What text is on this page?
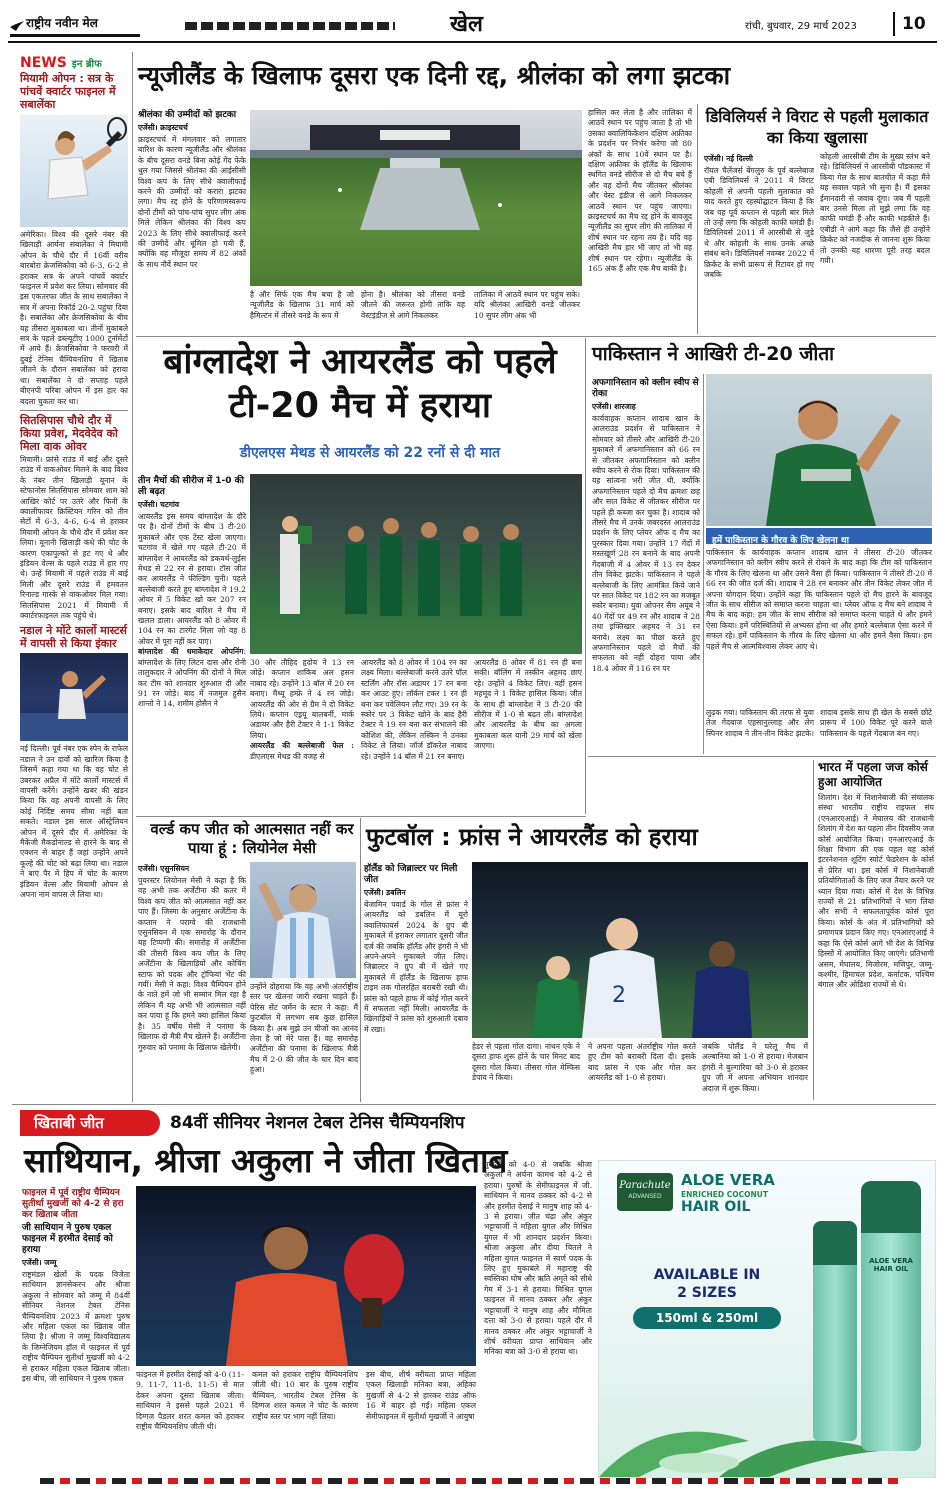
राष्ट्रीय नवीन मेल	खेल	रांची, बुधवार, 29 मार्च 2023	10
NEWS इन ब्रीफ

मियामी ओपन : सत्र के पांचवें क्वार्टर फाइनल में सबालेंका

अमेरिका। विश्व की दूसरे नंबर की खिलाड़ी आर्यना सबालेंका ने मियामी ओपन के चौथे दौर में 16वीं वरीय बारबोरा क्रेजसिकोवा को 6-3, 6-2 से हराकर सत्र के अपने पांचवें क्वार्टर फाइनल में प्रवेश कर लिया। सोमवार की इस एकतरफा जीत के साथ सबालेंका ने सत्र में अपना रिकॉर्ड 20-2 पहुंचा दिया है। सबालेंका और क्रेजसिकोवा के बीच यह तीसरा मुकाबला था। तीनों मुकाबले सत्र के पहले डब्ल्यूटीए 1000 टूर्नामेंटों में आये हैं। क्रेजसिकोवा ने फरवरी में दुबई टेनिस चैम्पियनशिप में खिताब जीतने के दौरान सबालेंका को हराया था। सबालेंका ने दो सप्ताह पहले बीएनपी परिबा ओपन में इस हार का बदला चुकता कर था।

सितसिपास चौथे दौर में किया प्रवेश, मेदवेदेव को मिला वाक ओवर

मियामी। फ्रांसे राउंड में बाई और दूसरे राउंड में वाकओवर मिलने के बाद विश्व के नंबर तीन खिलाड़ी यूनान के स्टेफानोस सितसिपास सोमवार शाम को आखिर कोर्ट पर उतरे और फिनी के क्वालीफायर क्रिस्टियन गरिन को तीन सेटों में 6-3, 4-6, 6-4 से हराकर मियामी ओपन के चौथे दौर में प्रवेश कर लिया। यूनानी खिलाड़ी कंधे की चोट के कारण एकापुल्को से हट गए थे और इंडियन वेल्स के पहले राउंड में हार गए थे। उन्हें मियामी में पहले राउंड में बाई मिली और दूसरे राउंड में हमवतन रिनाल्ड गास्के से वाकओवर मिल गया। सितसिपास 2021 में मियामी में क्वार्टरफाइनल तक पहुंचे थे।

नडाल ने मोंटे कार्लो मास्टर्स में वापसी से किया इंकार

नई दिल्ली। पूर्व नंबर एक स्पेन के राफेल नडाल ने उन दावों को खारिज किया है जिसमें कहा गया था कि वह चोट से उबरकर अप्रैल में मोंटे कार्लो मास्टर्स में वापसी करेंगे। उन्होंने खबर की खंडन किया कि वह अपनी वापसी के लिए कोई निर्दिष्ट समय सीमा नहीं बता सकते। नडाल इस साल ऑस्ट्रेलियन ओपन में दूसरे दौर में अमेरिका के मैकेंजी मैकडोनाल्ड से हारने के बाद से एक्शन से बाहर हैं जहां उन्होंने अपने कूल्हे की चोट को बढ़ा लिया था। नडाल ने बाएं पैर में हिप में चोट के कारण इंडियन वेल्स और मियामी ओपन से अपना नाम वापस ले लिया था।

न्यूजीलैंड के खिलाफ दूसरा एक दिनी रद्द, श्रीलंका को लगा झटका

श्रीलंका की उम्मीदों को झटका

एजेंसी। क्राइस्टचर्च

क्राइस्टचर्च में मंगलवार को लगातार बारिश के कारण न्यूजीलैंड और श्रीलंका के बीच दूसरा वनडे बिना कोई गेंद फेंके धुल गया जिससे श्रीलंका की आईसीसी विश्व कप के लिए सीधे क्वालीफाई करने की उम्मीदों को करारा झटका लगा। मैच रद्द होने के परिणामस्वरूप दोनों टीमों को पांच-पांच सुपर लीग अंक मिले लेकिन श्रीलंका की विश्व कप 2023 के लिए सीधे क्वालीफाई करने की उम्मीदें और धूमिल हो गयी हैं, क्योंकि वह मौजूदा समय में 82 अंकों के साथ नौवें स्थान पर

है और सिर्फ एक मैच बचा है जो न्यूजीलैंड के खिलाफ 31 मार्च को हैमिल्टन में तीसरे वनडे के रूप में

होना है। श्रीलंका को तीसरा वनडे जीतने की जरूरत होगी ताकि वह वेस्टइंडीज से आगे निकलकर

तालिका में आठवें स्थान पर पहुंच सके। यदि श्रीलंका आखिरी वनडे जीतकर 10 सुपर लीग अंक भी

हासिल कर लेता है और तालिका में आठवें स्थान पर पहुंच जाता है तो भी उसका क्वालिफिकेशन दक्षिण अफ्रीका के प्रदर्शन पर निर्भर करेगा जो 80 अंकों के साथ 10वें स्थान पर है। दक्षिण अफ्रीका के हॉलैंड के खिलाफ स्थगित वनडे सीरीज से दो मैच बचे हैं और वह दोनों मैच जीतकर श्रीलंका और वेस्ट इंडीज से आगे निकलकर आठवें स्थान पर पहुंच जाएगा। क्राइस्टचर्च का मैच रद्द होने के बावजूद न्यूजीलैंड का सुपर लीग की तालिका में शीर्ष स्थान पर रहना तय है। यदि वह आखिरी मैच हार भी जाए तो भी वह शीर्ष स्थान पर रहेगा। न्यूजीलैंड के 165 अंक हैं और एक मैच बाकी है।

डिविलियर्स ने विराट से पहली मुलाकात का किया खुलासा

एजेंसी। नई दिल्ली

रॉयल चैलेंजर्स बेंगलुरु के पूर्व बल्लेबाज एबी डिविलियर्स ने 2011 में विराट कोहली से अपनी पहली मुलाकात को याद करते हुए रहस्योद्घाटन किया है कि जब वह पूर्व कप्तान से पहली बार मिले तो उन्हें लगा कि कोहली काफी घमंडी हैं। डिविलियर्स 2011 में आरसीबी से जुड़े थे और कोहली के साथ उनके अच्छे संबंध बने। डिविलियर्स नवम्बर 2022 में क्रिकेट के सभी प्रारूप से रिटायर हो गए जबकि

कोहली आरसीबी टीम के मुख्य स्तंभ बने रहे। डिविलियर्स ने आरसीबी पॉडकास्ट में किया गेल के साथ बातचीत में कहा मैंने यह सवाल पहले भी सुना है। मैं इसका ईमानदारी से जवाब दूंगा। जब मैं पहली बार उनसे मिला तो मुझे लगा कि वह काफी घमंडी हैं और काफी भड़कीले हैं। एबीडी ने आगे कहा कि जैसे ही उन्होंने क्रिकेट को नजदीक से जानना शुरू किया तो उनकी यह धारणा पूरी तरह बदल गयी।

बांग्लादेश ने आयरलैंड को पहले टी-20 मैच में हराया
डीएलएस मेथड से आयरलैंड को 22 रनों से दी मात

तीन मैचों की सीरीज में 1-0 की ली बढ़त

एजेंसी। चटगांव

आयरलैंड इस समय बांग्लादेश के दौरे पर है। दोनों टीमों के बीच 3 टी-20 मुकाबले और एक टेस्ट खेला जाएगा। चटगांव में खेले गए पहले टी-20 में बांग्लादेश ने आयरलैंड को डकवर्थ-लुईस मेथड से 22 रन से हराया। टॉस जीत कर आयरलैंड ने फील्डिंग चुनी। पहले बल्लेबाजी करते हुए बांग्लादेश ने 19.2 ओवर में 5 विकेट खो कर 207 रन बनाए। इसके बाद बारिश ने मैच में खलल डाला। आयरलैंड को 8 ओवर में 104 रन का टारगेट मिला जो वह 8 ओवर में पूरा नहीं कर पाए।

बांग्लादेश की धमाकेदार ओपनिंग: बांग्लादेश के लिए लिटन दास और रोनी तालुकदार ने ओपनिंग की दोनों ने मिल कर टीम को शानदार शुरुआत दी और 91 रन जोड़े। बाद में नजमुल हुसैन शान्तो ने 14, शमीम होसैन ने

30 और तौहिद हृदोय ने 13 रन जोड़े। कप्तान शाकिब अल हसन नाबाद रहे। उन्होंने 13 बॉल में 20 रन बनाए। मैथ्यू हम्फ्रे ने 4 रन जोड़े। आयरलैंड की ओर से ग्रैम ने दो विकेट लिये। कप्तान एंड्रयू बालबर्नी, मार्क अडायर और हैरी टेक्टर ने 1-1 विकेट लिया।

आयरलैंड की बल्लेबाजी फेल : डीएलएस मेथड की वजह से

आयरलैंड को 8 ओवर में 104 रन का लक्ष्य मिला। बल्लेबाजी करने उतरे पॉल स्टर्लिंग और रॉस अडायर 17 रन बना कर आउट हुए। लॉर्कन टकर 1 रन ही बना कर पवेलियन लौट गए। 39 रन के स्कोर पर 3 विकेट खोने के बाद हैरी टेक्टर ने 19 रन बना कर संभालने की कोशिश की, लेकिन तस्किन ने उनका विकेट ले लिया। जॉर्ज डॉकरेल नाबाद रहे। उन्होंने 14 बॉल में 21 रन बनाए।

आयरलैंड 8 ओवर में 81 रन ही बना सकी। बॉलिंग में तस्कीन अहमद छाए रहे। उन्होंने 4 विकेट लिए। वहीं हसन महमूद ने 1 विकेट हासिल किया। जीत के साथ ही बांग्लादेश ने 3 टी-20 की सीरीज में 1-0 से बढ़त ली। बांग्लादेश और आयरलैंड के बीच का अगला मुकाबला कल यानी 29 मार्च को खेला जाएगा।

पाकिस्तान ने आखिरी टी-20 जीता

अफगानिस्तान को क्लीन स्वीप से रोका

एजेंसी। शारजाह

कार्यवाहक कप्तान शादाब खान के आलराउंड प्रदर्शन से पाकिस्तान ने सोमवार को तीसरे और आखिरी टी-20 मुकाबले में अफगानिस्तान को 66 रन से जीतकर अफगानिस्तान को क्लीन स्वीप करने से रोक दिया। पाकिस्तान की यह सांत्वना भरी जीत थी, क्योंकि अफगानिस्तान पहले दो मैच क्रमशः छह और सात विकेट से जीतकर सीरीज पर पहले ही कब्जा कर चुका है। शादाब को तीसरे मैच में उनके जबरदस्त आलराउंड प्रदर्शन के लिए प्लेयर ऑफ द मैच का पुरस्कार दिया गया। उन्होंने 17 गेंदों में मस्तखूर्ण 28 रन बनाने के बाद अपनी गेंदबाजी में 4 ओवर में 13 रन देकर तीन विकेट झटके। पाकिस्तान ने पहले बल्लेबाजी के लिए आमंत्रित किये जाने पर सात विकेट पर 182 रन का मजबूत स्कोर बनाया। युवा ओपनर सैम अयूब ने 40 गेंदों पर 49 रन और शादाब ने 28 तथा इफ्तिखार अहमद ने 31 रन बनाये। लक्ष्य का पीछा करते हुए अफगानिस्तान पहले दो मैचों की सफलता को नहीं दोहरा पाया और 18.4 ओवर में 116 रन पर

हमें पाकिस्तान के गौरव के लिए खेलना था

पाकिस्तान के कार्यवाहक कप्तान शादाब खान ने तीसरा टी-20 जीतकर अफगानिस्तान को क्लीन स्वीप करने से रोकने के बाद कहा कि टीम को पाकिस्तान के गौरव के लिए खेलना था और उसने वैसा ही किया। पाकिस्तान ने तीसरे टी-20 में 66 रन की जीत दर्ज की। शादाब ने 28 रन बनाकर और तीन विकेट लेकर जीत में अपना योगदान दिया। उन्होंने कहा कि पाकिस्तान पहले दो मैच हारने के बावजूद जीत के साथ सीरीज को समाप्त करना चाहता था। प्लेयर ऑफ द मैच बने शादाब ने मैच के बाद कहा: हम जीत के साथ सीरीज को समाप्त करना चाहते थे और हमने ऐसा किया। हमें परिस्थितियों से अभ्यस्त होना था और हमारे बल्लेबाज ऐसा करने में सफल रहे। हमें पाकिस्तान के गौरव के लिए खेलना था और हमने वैसा किया। हम पहले मैच से आत्मविश्वास लेकर आए थे।

लुढ़क गया। पाकिस्तान की तरफ से युवा तेज गेंदबाज एहसानुल्लाह और लेग स्पिनर शादाब ने तीन-तीन विकेट झटके।

शादाब इसके साथ ही खेल के सबसे छोटे प्रारूप में 100 विकेट पूरे करने वाले पाकिस्तान के पहले गेंदबाज बन गए।

भारत में पहला जज कोर्स हुआ आयोजित

शिलांग। देश में निशानेबाजी की संचालक संस्था भारतीय राष्ट्रीय राइफल संघ (एनआरएआई) ने मेघालय की राजधानी शिलांग में देश का पहला तीन दिवसीय जज कोर्स आयोजित किया। एनआरएआई के शिक्षा विभाग की एक पहल यह कोर्स इंटरनेशनल शूटिंग स्पोर्ट फेडरेशन के कोर्स से प्रेरित था। इस कोर्स में निशानेबाजी प्रतियोगिताओं के लिए जज तैयार करने पर ध्यान दिया गया। कोर्स में देश के विभिन्न राज्यों से 21 प्रतिभागियों ने भाग लिया और सभी ने सफलतापूर्वक कोर्स पूरा किया। कोर्स के अंत में प्रतिभागियों को प्रमाणपत्र प्रदान किए गए। एनआरएआई ने कहा कि ऐसे कोर्स आगे भी देश के विभिन्न हिस्सों में आयोजित किए जाएंगे। प्रतिभागी असम, मेघालय, मिजोरम, मणिपुर, जम्मू-कश्मीर, हिमाचल प्रदेश, कर्नाटक, पश्चिम बंगाल और ओडिशा राज्यों से थे।

वर्ल्ड कप जीत को आत्मसात नहीं कर पाया हूं : लियोनेल मेसी

एजेंसी। एसुनसियन

पुयरस्टर लियोनल मेसी ने कहा है कि वह अभी तक अर्जेंटीना की कतर में विश्व कप जीत को आत्मसात नहीं कर पाए हैं। जिस्मा के अनुसार अर्जेंटीना के कप्तान ने पराग्वे की राजधानी एसुनसियन में एक समारोह के दौरान यह टिप्पणी की। समारोह में अर्जेंटीना की तीसरी विश्व कप जीत के लिए अर्जेंटीना के खिलाड़ियों और कोचिंग स्टाफ को पदक और ट्रॉफियां भेंट की गयीं। मेसी ने कहा: विश्व चैम्पियन होने के नाते हमें जो भी सम्मान मिल रहा है लेकिन मैं यह अभी भी आत्मसात नहीं कर पाया हूं कि हमने क्या हासिल किया है। 35 वर्षीय मेसी ने पनामा के खिलाफ दो मैत्री मैच खेलने हैं। अर्जेंटीना गुरुवार को पनामा के खिलाफ खेलेगी।

उन्होंने दोहराया कि वह अभी अंतर्राष्ट्रीय स्तर पर खेलना जारी रखना चाहते हैं। पेरिस सेंट जर्मेन के स्टार ने कहा: मैं फुटबॉल में लगभग सब कुछ हासिल किया है। अब मुझे उन चीजों का आनंद लेना है जो मेरे पास हैं। वह समारोह अर्जेंटीना की पनामा के खिलाफ मैत्री मैच में 2-0 की जीत के चार दिन बाद हुआ।

फुटबॉल : फ्रांस ने आयरलैंड को हराया

हॉलैंड को जिब्राल्टर पर मिली जीत

एजेंसी। डबलिन

बेंजामिन पवार्ड के गोल से फ्रांस ने आयरलैंड को डबलिन में यूरो क्वालिफायर्स 2024 के ग्रुप बी मुकाबले में हराकर लगातार दूसरी जीत दर्ज की जबकि हॉलैंड और हंगरी ने भी अपने-अपने मुकाबले जीत लिए। जिब्राल्टर ने ग्रुप बी में खेले गए मुकाबले में हॉलैंड के खिलाफ हाफ टाइम तक गोलरहित बराबरी रखी थी। फ्रांस को पहले हाफ में कोई गोल करने में सफलता नहीं मिली। आयरलैंड के खिलाड़ियों ने फ्रांस को शुरुआती दबाव में रखा।

2

हेडर से पहला गोल दागा। नाथन एके ने दूसरा हाफ शुरू होने के चार मिनट बाद दूसरा गोल किया। तीसरा गोल मेम्फिस डेपाय ने किया।

ने अपना पहला अंतर्राष्ट्रीय गोल करते हुए टीम को बराबरी दिला दी। इसके बाद फ्रांस ने एक और गोल कर आयरलैंड को 1-0 से हराया।

जबकि पोलैंड ने घरेलू मैच में अल्बानिया को 1-0 से हराया। मेजबान हंगरी ने बुल्गारिया को 3-0 से हराकर ग्रुप जी में अपना अभियान शानदार अंदाज में शुरू किया।

खिताबी जीत	84वीं सीनियर नेशनल टेबल टेनिस चैम्पियनशिप
साथियान, श्रीजा अकुला ने जीता खिताब

फाइनल में पूर्व राष्ट्रीय चैम्पियन सुतीर्था मुखर्जी को 4-2 से हरा कर खिताब जीता

जी साथियान ने पुरुष एकल फाइनल में हरमीत देसाई को हराया

एजेंसी। जम्मू

राष्ट्रमंडल खेलों के पदक विजेता साथियान ज्ञानसेकरन और श्रीजा अकुला ने सोमवार को जम्मू में 84वीं सीनियर नेशनल टेबल टेनिस चैम्पियनशिप 2023 में क्रमशः पुरुष और महिला एकल का खिताब जीत लिया है। श्रीजा ने जम्मू विश्वविद्यालय के जिम्नेजियम हॉल में फाइनल में पूर्व राष्ट्रीय चैम्पियन सुतीर्था मुखर्जी को 4-2 से हराकर महिला एकल खिताब जीता। इस बीच, जी साथियान ने पुरुष एकल	फाइनल में हरमीत देसाई को 4-0 (11-9, 11-7, 11-8, 11-5) से मात देकर अपना दूसरा खिताब जीता। साथियान ने इससे पहले 2021 में दिग्गज पैडलर शरत कमल को हराकर राष्ट्रीय चैम्पियनशिप जीती थी।

कमल को हराकर राष्ट्रीय चैम्पियनशिप जीती थी। 10 बार के पुरुष राष्ट्रीय चैम्पियन, भारतीय टेबल टेनिस के दिग्गज शरत कमल ने चोट के कारण राष्ट्रीय स्तर पर भाग नहीं लिया।

इस बीच, शीर्ष वरीयता प्राप्त महिला एकल खिलाड़ी मनिका बत्रा, अहिका मुखर्जी से 4-2 से हारकर राउंड ऑफ 16 में बाहर हो गईं। महिला एकल सेमीफाइनल में सुतीर्था मुखर्जी ने आयुषा

मुखर्जी को 4-0 से जबकि श्रीजा अकुला ने अर्चना कामथ को 4-2 से हराया। पुरुषों के सेमीफाइनल में जी. साथियान ने मानव ठक्कर को 4-2 से और हरमीत देसाई ने मानुष शाह को 4-3 से हराया। जीत चंद्रा और अंकुर भट्टाचार्जी ने महिला युगल और मिश्रित युगल में भी शानदार प्रदर्शन किया। श्रीजा अकुला और दीया चितले ने महिला युगल फाइनल में स्वर्ण पदक के लिए हुए मुकाबले में महाराष्ट्र की स्वस्तिका घोष और ऋति अमृते को सीधे गेम में 3-1 से हराया। मिश्रित युगल फाइनल में मानव ठक्कर और अंकुर भट्टाचार्जी ने मानुष शाह और मौमिता दत्ता को 3-0 से हराया। पहले दौर में मानव ठक्कर और अंकुर भट्टाचार्जी ने शीर्ष वरीयता प्राप्त साथियान और मनिका बत्रा को 3-0 से हराया था।

Parachute
ADVANSED
ALOE VERA
ENRICHED COCONUT
HAIR OIL
AVAILABLE IN
2 SIZES
150ml & 250ml
ALOE VERA
HAIR OIL
